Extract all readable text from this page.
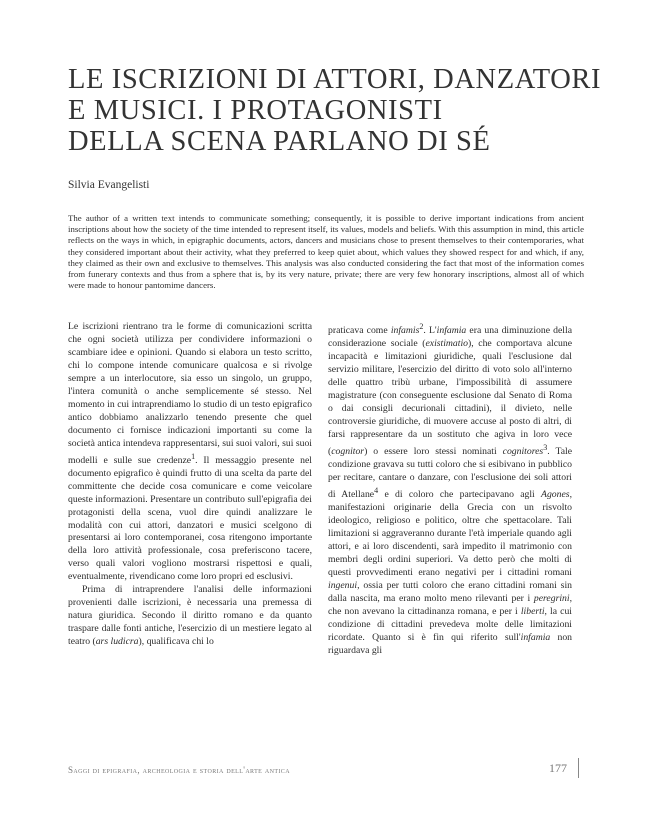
LE ISCRIZIONI DI ATTORI, DANZATORI
E MUSICI. I PROTAGONISTI
DELLA SCENA PARLANO DI SÉ
Silvia Evangelisti

The author of a written text intends to communicate something; consequently, it is possible to derive important indications from ancient inscriptions about how the society of the time intended to represent itself, its values, models and beliefs. With this assumption in mind, this article reflects on the ways in which, in epigraphic documents, actors, dancers and musicians chose to present themselves to their contemporaries, what they considered important about their activity, what they preferred to keep quiet about, which values they showed respect for and which, if any, they claimed as their own and exclusive to themselves. This analysis was also conducted considering the fact that most of the information comes from funerary contexts and thus from a sphere that is, by its very nature, private; there are very few honorary inscriptions, almost all of which were made to honour pantomime dancers.

Le iscrizioni rientrano tra le forme di comunicazioni scritta che ogni società utilizza per condividere informazioni o scambiare idee e opinioni. Quando si elabora un testo scritto, chi lo compone intende comunicare qualcosa e si rivolge sempre a un interlocutore, sia esso un singolo, un gruppo, l'intera comunità o anche semplicemente sé stesso. Nel momento in cui intraprendiamo lo studio di un testo epigrafico antico dobbiamo analizzarlo tenendo presente che quel documento ci fornisce indicazioni importanti su come la società antica intendeva rappresentarsi, sui suoi valori, sui suoi modelli e sulle sue credenze$^1$. Il messaggio presente nel documento epigrafico è quindi frutto di una scelta da parte del committente che decide cosa comunicare e come veicolare queste informazioni. Presentare un contributo sull'epigrafia dei protagonisti della scena, vuol dire quindi analizzare le modalità con cui attori, danzatori e musici scelgono di presentarsi ai loro contemporanei, cosa ritengono importante della loro attività professionale, cosa preferiscono tacere, verso quali valori vogliono mostrarsi rispettosi e quali, eventualmente, rivendicano come loro propri ed esclusivi.

Prima di intraprendere l'analisi delle informazioni provenienti dalle iscrizioni, è necessaria una premessa di natura giuridica. Secondo il diritto romano e da quanto traspare dalle fonti antiche, l'esercizio di un mestiere legato al teatro (ars ludicra), qualificava chi lo

praticava come infamis$^2$. L'infamia era una diminuzione della considerazione sociale (existimatio), che comportava alcune incapacità e limitazioni giuridiche, quali l'esclusione dal servizio militare, l'esercizio del diritto di voto solo all'interno delle quattro tribù urbane, l'impossibilità di assumere magistrature (con conseguente esclusione dal Senato di Roma o dai consigli decurionali cittadini), il divieto, nelle controversie giuridiche, di muovere accuse al posto di altri, di farsi rappresentare da un sostituto che agiva in loro vece (cognitor) o essere loro stessi nominati cognitores$^3$. Tale condizione gravava su tutti coloro che si esibivano in pubblico per recitare, cantare o danzare, con l'esclusione dei soli attori di Atellane$^4$ e di coloro che partecipavano agli Agones, manifestazioni originarie della Grecia con un risvolto ideologico, religioso e politico, oltre che spettacolare. Tali limitazioni si aggraveranno durante l'età imperiale quando agli attori, e ai loro discendenti, sarà impedito il matrimonio con membri degli ordini superiori. Va detto però che molti di questi provvedimenti erano negativi per i cittadini romani ingenui, ossia per tutti coloro che erano cittadini romani sin dalla nascita, ma erano molto meno rilevanti per i peregrini, che non avevano la cittadinanza romana, e per i liberti, la cui condizione di cittadini prevedeva molte delle limitazioni ricordate. Quanto si è fin qui riferito sull'infamia non riguardava gli

Saggi di epigrafia, archeologia e storia dell'arte antica	177
